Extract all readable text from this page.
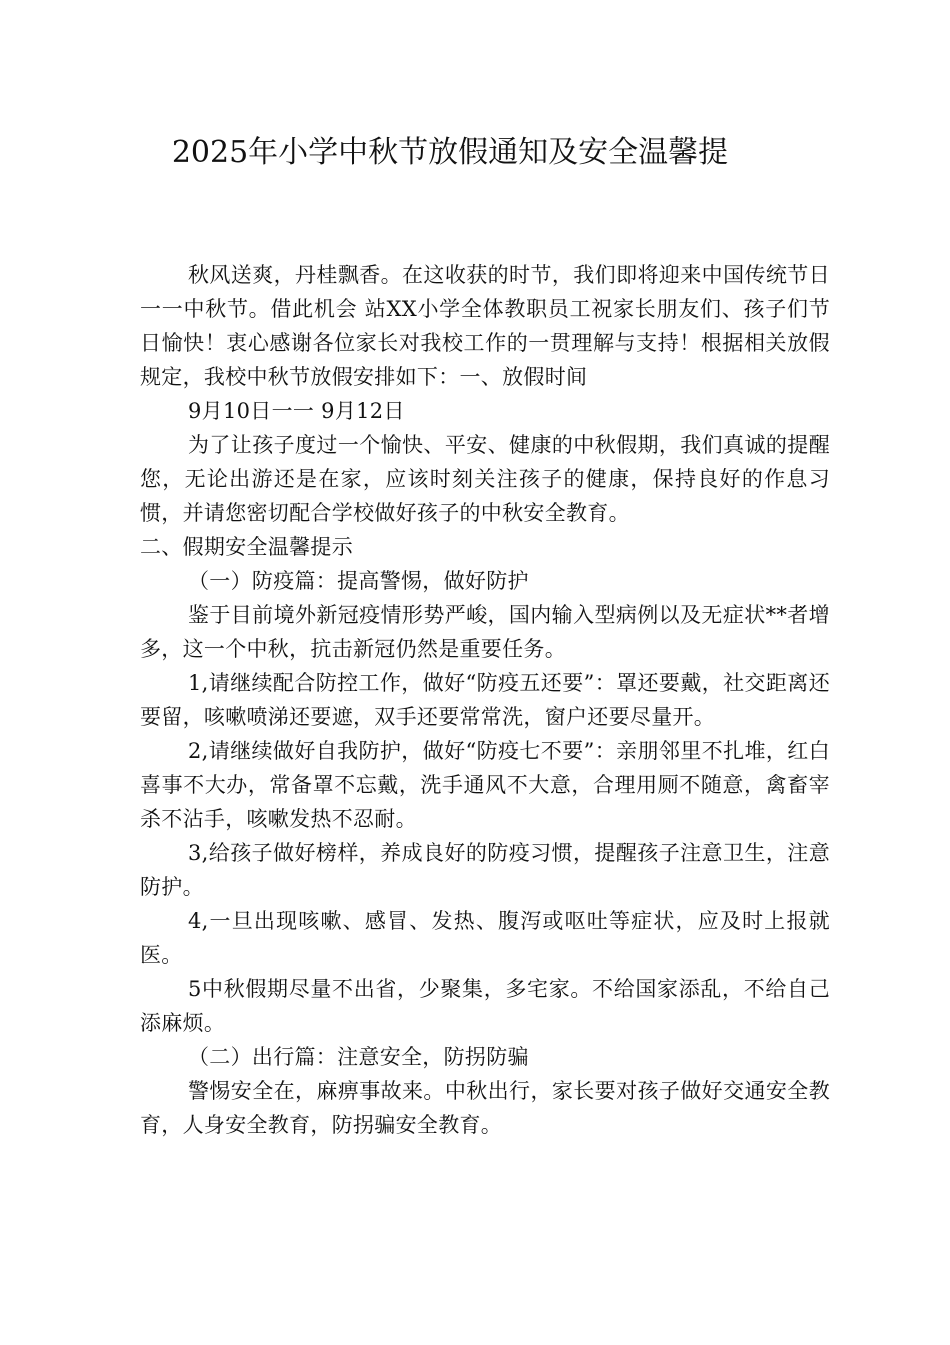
2025年小学中秋节放假通知及安全温馨提

秋风送爽，丹桂飘香。在这收获的时节，我们即将迎来中国传统节日一一中秋节。借此机会 站XX小学全体教职员工祝家长朋友们、孩子们节日愉快！衷心感谢各位家长对我校工作的一贯理解与支持！根据相关放假规定，我校中秋节放假安排如下：一、放假时间

9月10日一一 9月12日

为了让孩子度过一个愉快、平安、健康的中秋假期，我们真诚的提醒您，无论出游还是在家，应该时刻关注孩子的健康，保持良好的作息习惯，并请您密切配合学校做好孩子的中秋安全教育。

二、假期安全温馨提示

（一）防疫篇：提高警惕，做好防护

鉴于目前境外新冠疫情形势严峻，国内输入型病例以及无症状**者增多，这一个中秋，抗击新冠仍然是重要任务。

1,请继续配合防控工作，做好“防疫五还要”：罩还要戴，社交距离还要留，咳嗽喷涕还要遮，双手还要常常洗，窗户还要尽量开。

2,请继续做好自我防护，做好“防疫七不要”：亲朋邻里不扎堆，红白喜事不大办，常备罩不忘戴，洗手通风不大意，合理用厕不随意，禽畜宰杀不沾手，咳嗽发热不忍耐。

3,给孩子做好榜样，养成良好的防疫习惯，提醒孩子注意卫生，注意防护。

4,一旦出现咳嗽、感冒、发热、腹泻或呕吐等症状，应及时上报就医。

5中秋假期尽量不出省，少聚集，多宅家。不给国家添乱，不给自己添麻烦。

（二）出行篇：注意安全，防拐防骗

警惕安全在，麻痹事故来。中秋出行，家长要对孩子做好交通安全教育，人身安全教育，防拐骗安全教育。
